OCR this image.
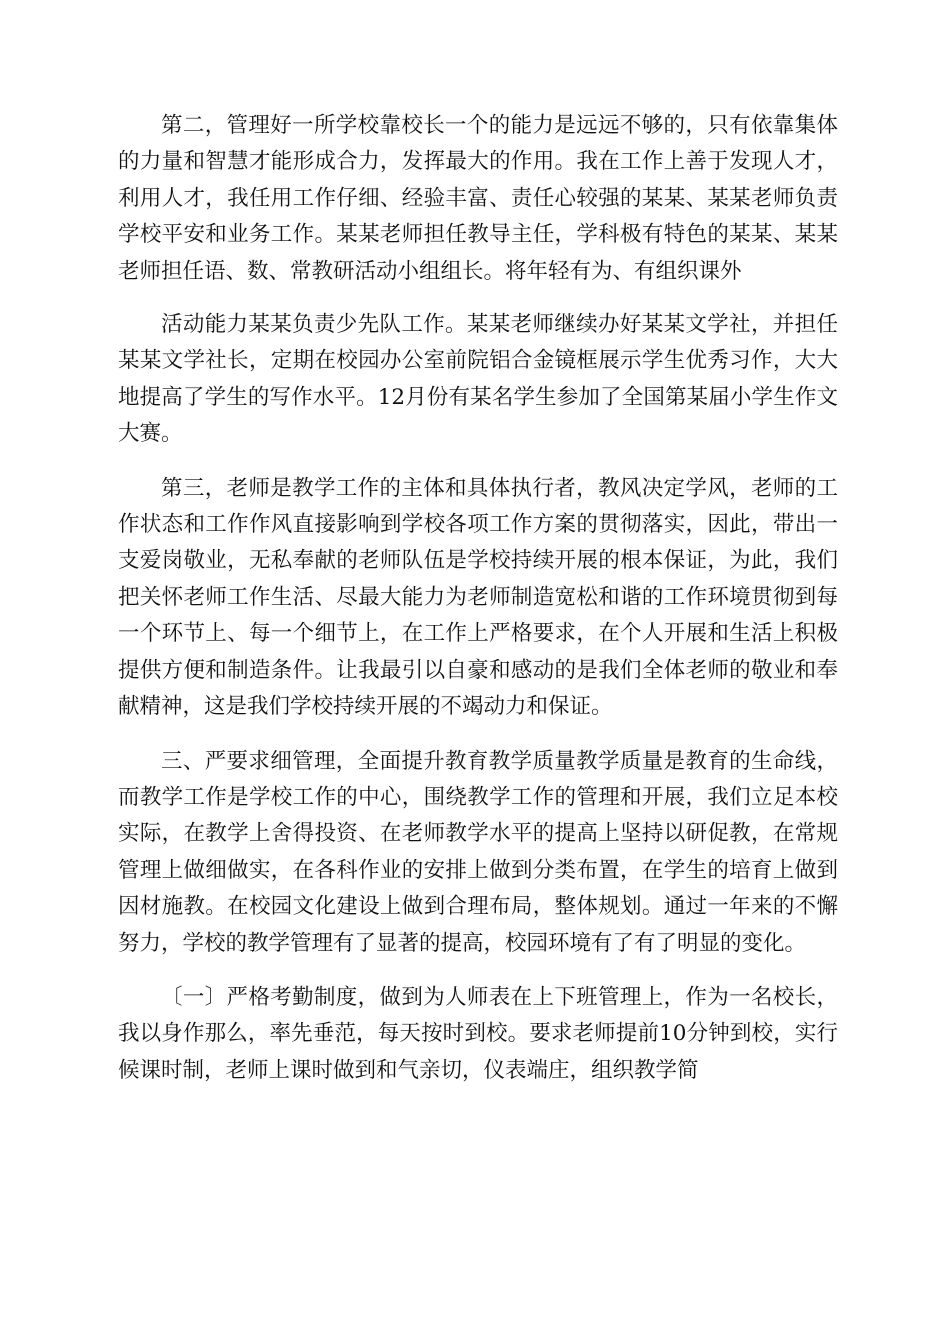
第二，管理好一所学校靠校长一个的能力是远远不够的，只有依靠集体的力量和智慧才能形成合力，发挥最大的作用。我在工作上善于发现人才，利用人才，我任用工作仔细、经验丰富、责任心较强的某某、某某老师负责学校平安和业务工作。某某老师担任教导主任，学科极有特色的某某、某某老师担任语、数、常教研活动小组组长。将年轻有为、有组织课外

活动能力某某负责少先队工作。某某老师继续办好某某文学社，并担任某某文学社长，定期在校园办公室前院铝合金镜框展示学生优秀习作，大大地提高了学生的写作水平。12月份有某名学生参加了全国第某届小学生作文大赛。

第三，老师是教学工作的主体和具体执行者，教风决定学风，老师的工作状态和工作作风直接影响到学校各项工作方案的贯彻落实，因此，带出一支爱岗敬业，无私奉献的老师队伍是学校持续开展的根本保证，为此，我们把关怀老师工作生活、尽最大能力为老师制造宽松和谐的工作环境贯彻到每一个环节上、每一个细节上，在工作上严格要求，在个人开展和生活上积极提供方便和制造条件。让我最引以自豪和感动的是我们全体老师的敬业和奉献精神，这是我们学校持续开展的不竭动力和保证。

三、严要求细管理，全面提升教育教学质量教学质量是教育的生命线，而教学工作是学校工作的中心，围绕教学工作的管理和开展，我们立足本校实际，在教学上舍得投资、在老师教学水平的提高上坚持以研促教，在常规管理上做细做实，在各科作业的安排上做到分类布置，在学生的培育上做到因材施教。在校园文化建设上做到合理布局，整体规划。通过一年来的不懈努力，学校的教学管理有了显著的提高，校园环境有了有了明显的变化。

〔一〕严格考勤制度，做到为人师表在上下班管理上，作为一名校长，我以身作那么，率先垂范，每天按时到校。要求老师提前10分钟到校，实行候课时制，老师上课时做到和气亲切，仪表端庄，组织教学简
